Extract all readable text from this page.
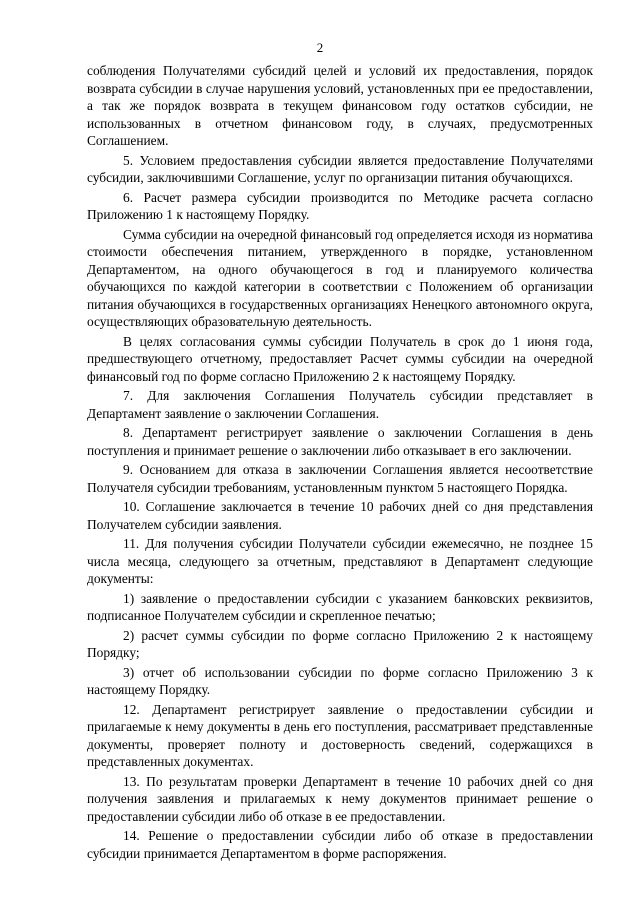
2

соблюдения Получателями субсидий целей и условий их предоставления, порядок возврата субсидии в случае нарушения условий, установленных при ее предоставлении, а так же порядок возврата в текущем финансовом году остатков субсидии, не использованных в отчетном финансовом году, в случаях, предусмотренных Соглашением.

5. Условием предоставления субсидии является предоставление Получателями субсидии, заключившими Соглашение, услуг по организации питания обучающихся.

6. Расчет размера субсидии производится по Методике расчета согласно Приложению 1 к настоящему Порядку.

Сумма субсидии на очередной финансовый год определяется исходя из норматива стоимости обеспечения питанием, утвержденного в порядке, установленном Департаментом, на одного обучающегося в год и планируемого количества обучающихся по каждой категории в соответствии с Положением об организации питания обучающихся в государственных организациях Ненецкого автономного округа, осуществляющих образовательную деятельность.

В целях согласования суммы субсидии Получатель в срок до 1 июня года, предшествующего отчетному, предоставляет Расчет суммы субсидии на очередной финансовый год по форме согласно Приложению 2 к настоящему Порядку.

7. Для заключения Соглашения Получатель субсидии представляет в Департамент заявление о заключении Соглашения.

8. Департамент регистрирует заявление о заключении Соглашения в день поступления и принимает решение о заключении либо отказывает в его заключении.

9. Основанием для отказа в заключении Соглашения является несоответствие Получателя субсидии требованиям, установленным пунктом 5 настоящего Порядка.

10. Соглашение заключается в течение 10 рабочих дней со дня представления Получателем субсидии заявления.

11. Для получения субсидии Получатели субсидии ежемесячно, не позднее 15 числа месяца, следующего за отчетным, представляют в Департамент следующие документы:

1) заявление о предоставлении субсидии с указанием банковских реквизитов, подписанное Получателем субсидии и скрепленное печатью;

2) расчет суммы субсидии по форме согласно Приложению 2 к настоящему Порядку;

3) отчет об использовании субсидии по форме согласно Приложению 3 к настоящему Порядку.

12. Департамент регистрирует заявление о предоставлении субсидии и прилагаемые к нему документы в день его поступления, рассматривает представленные документы, проверяет полноту и достоверность сведений, содержащихся в представленных документах.

13. По результатам проверки Департамент в течение 10 рабочих дней со дня получения заявления и прилагаемых к нему документов принимает решение о предоставлении субсидии либо об отказе в ее предоставлении.

14. Решение о предоставлении субсидии либо об отказе в предоставлении субсидии принимается Департаментом в форме распоряжения.
